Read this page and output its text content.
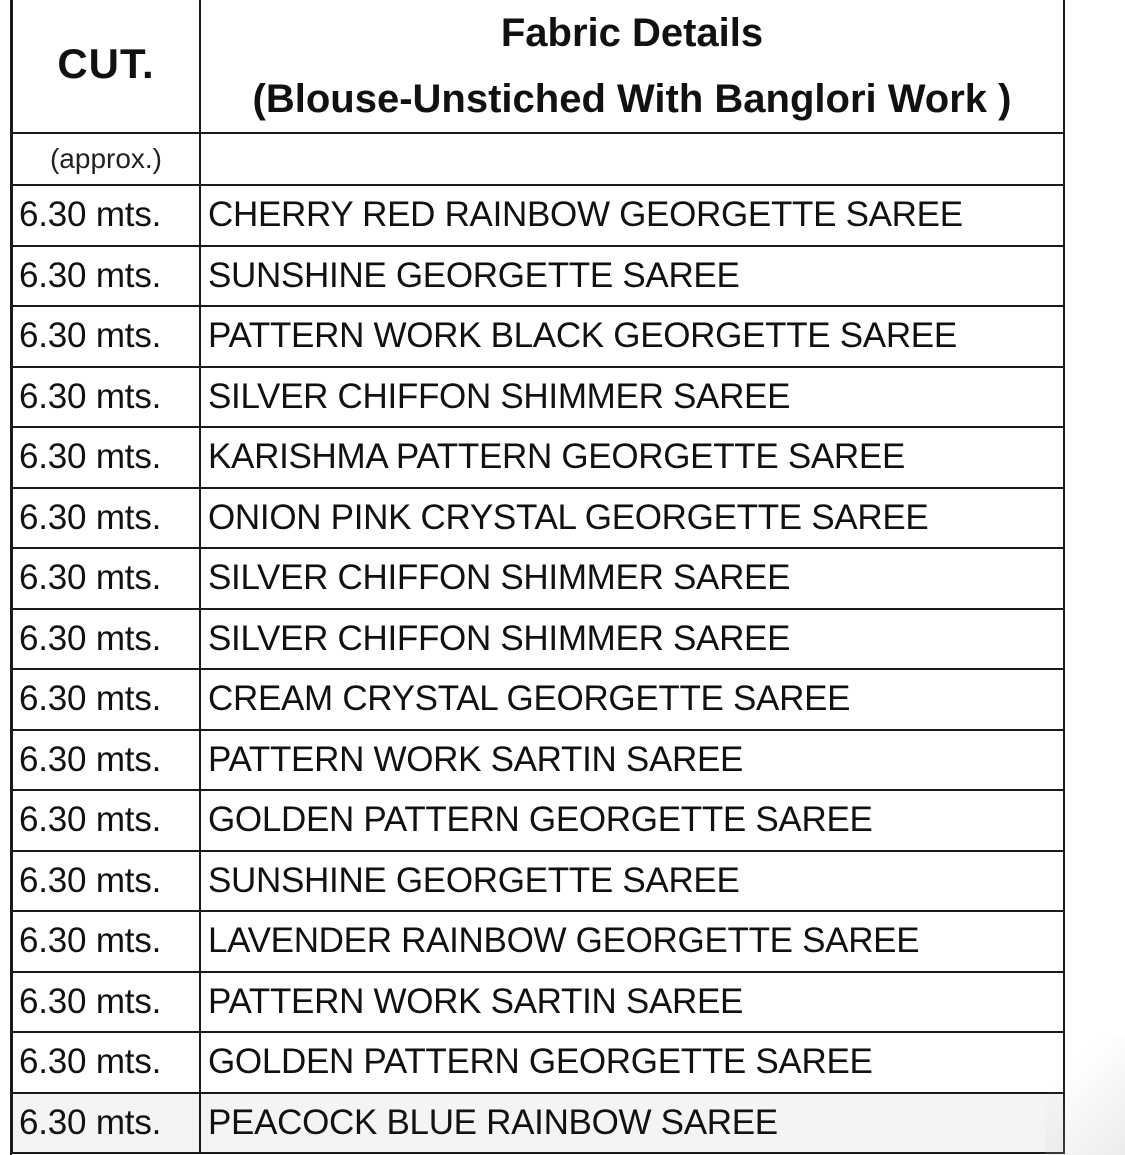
CUT.	Fabric Details
(Blouse-Unstiched With Banglori Work )

(approx.)	
6.30 mts.	CHERRY RED RAINBOW GEORGETTE SAREE
6.30 mts.	SUNSHINE GEORGETTE SAREE
6.30 mts.	PATTERN WORK BLACK GEORGETTE SAREE
6.30 mts.	SILVER CHIFFON SHIMMER SAREE
6.30 mts.	KARISHMA PATTERN GEORGETTE SAREE
6.30 mts.	ONION PINK CRYSTAL GEORGETTE SAREE
6.30 mts.	SILVER CHIFFON SHIMMER SAREE
6.30 mts.	SILVER CHIFFON SHIMMER SAREE
6.30 mts.	CREAM CRYSTAL GEORGETTE SAREE
6.30 mts.	PATTERN WORK SARTIN SAREE
6.30 mts.	GOLDEN PATTERN GEORGETTE SAREE
6.30 mts.	SUNSHINE GEORGETTE SAREE
6.30 mts.	LAVENDER RAINBOW GEORGETTE SAREE
6.30 mts.	PATTERN WORK SARTIN SAREE
6.30 mts.	GOLDEN PATTERN GEORGETTE SAREE
6.30 mts.	PEACOCK BLUE RAINBOW SAREE
